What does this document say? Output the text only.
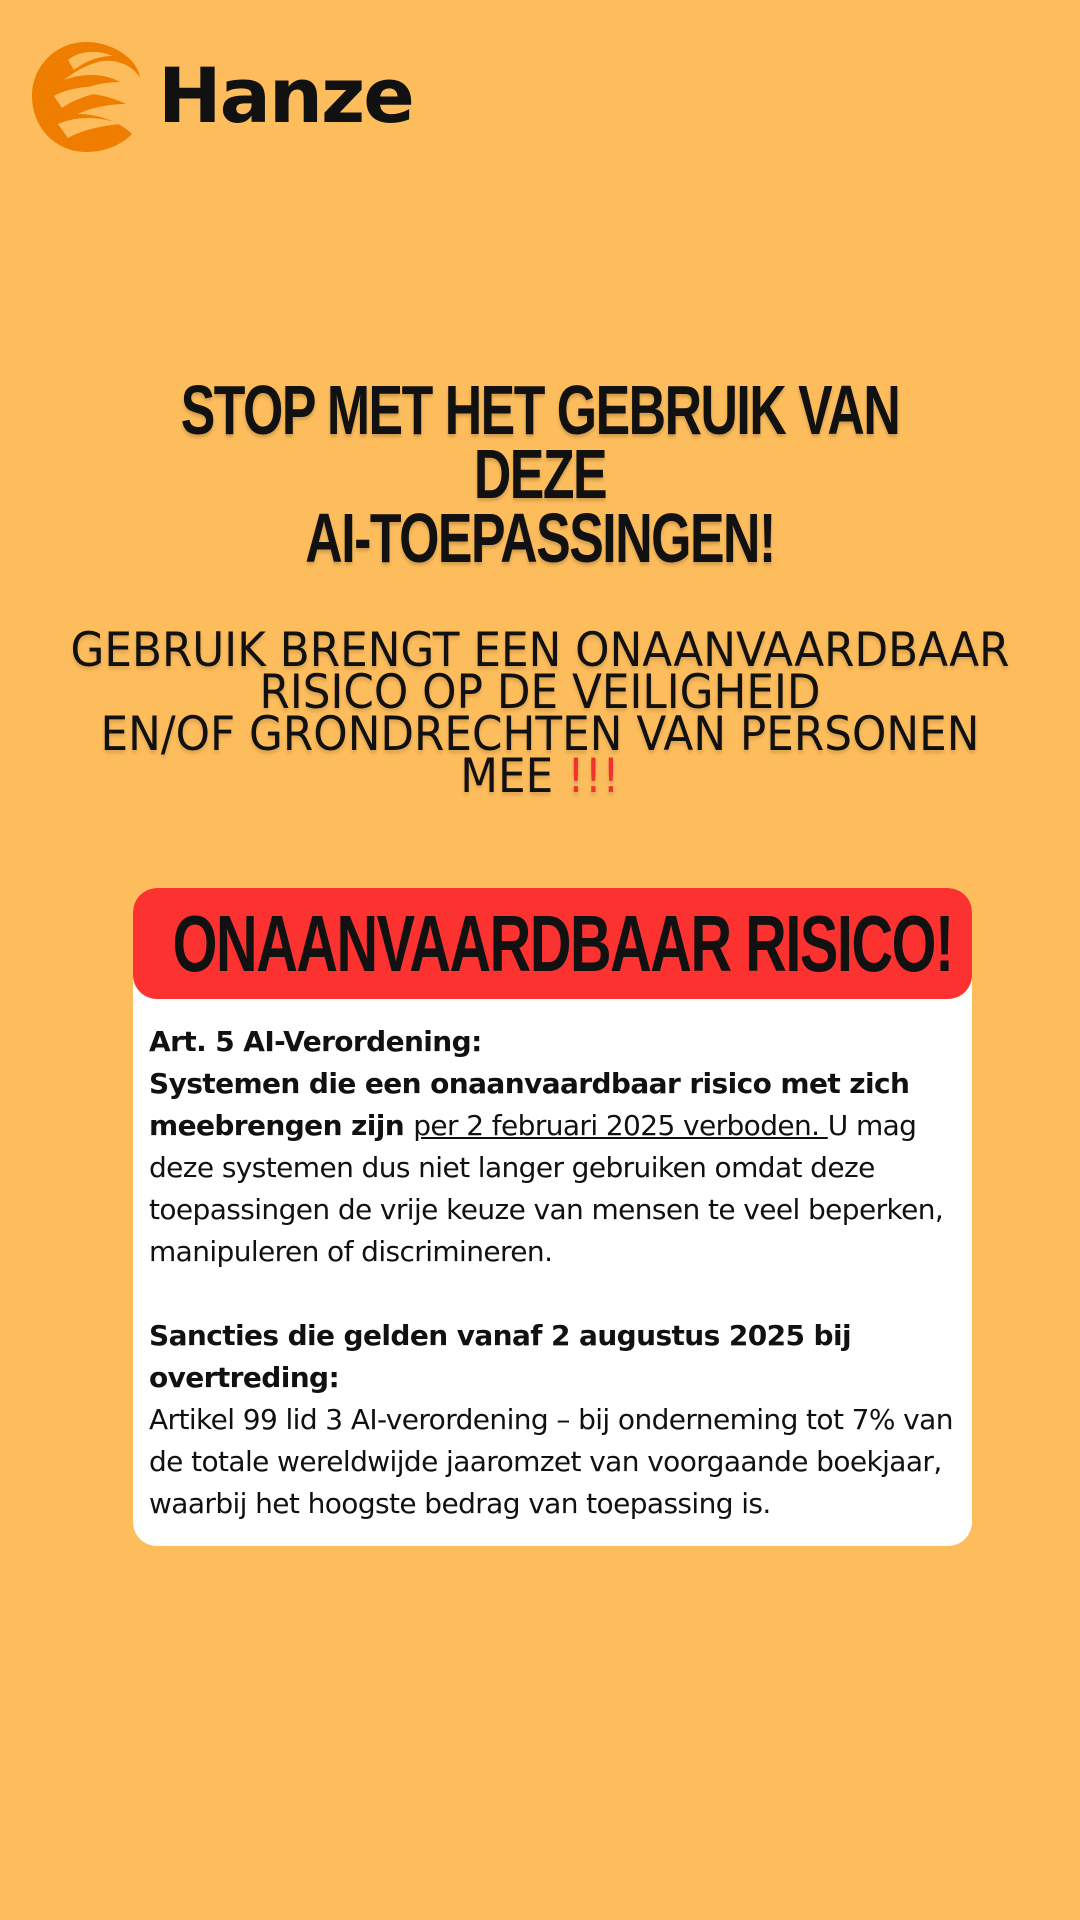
Hanze
STOP MET HET GEBRUIK VAN DEZE
AI-TOEPASSINGEN!
GEBRUIK BRENGT EEN ONAANVAARDBAAR
RISICO OP DE VEILIGHEID
EN/OF GRONDRECHTEN VAN PERSONEN
MEE !!!
ONAANVAARDBAAR RISICO!

Art. 5 AI-Verordening:

Systemen die een onaanvaardbaar risico met zich meebrengen zijn per 2 februari 2025 verboden. U mag deze systemen dus niet langer gebruiken omdat deze toepassingen de vrije keuze van mensen te veel beperken, manipuleren of discrimineren.

Sancties die gelden vanaf 2 augustus 2025 bij overtreding:

Artikel 99 lid 3 AI-verordening – bij onderneming tot 7% van de totale wereldwijde jaaromzet van voorgaande boekjaar, waarbij het hoogste bedrag van toepassing is.
